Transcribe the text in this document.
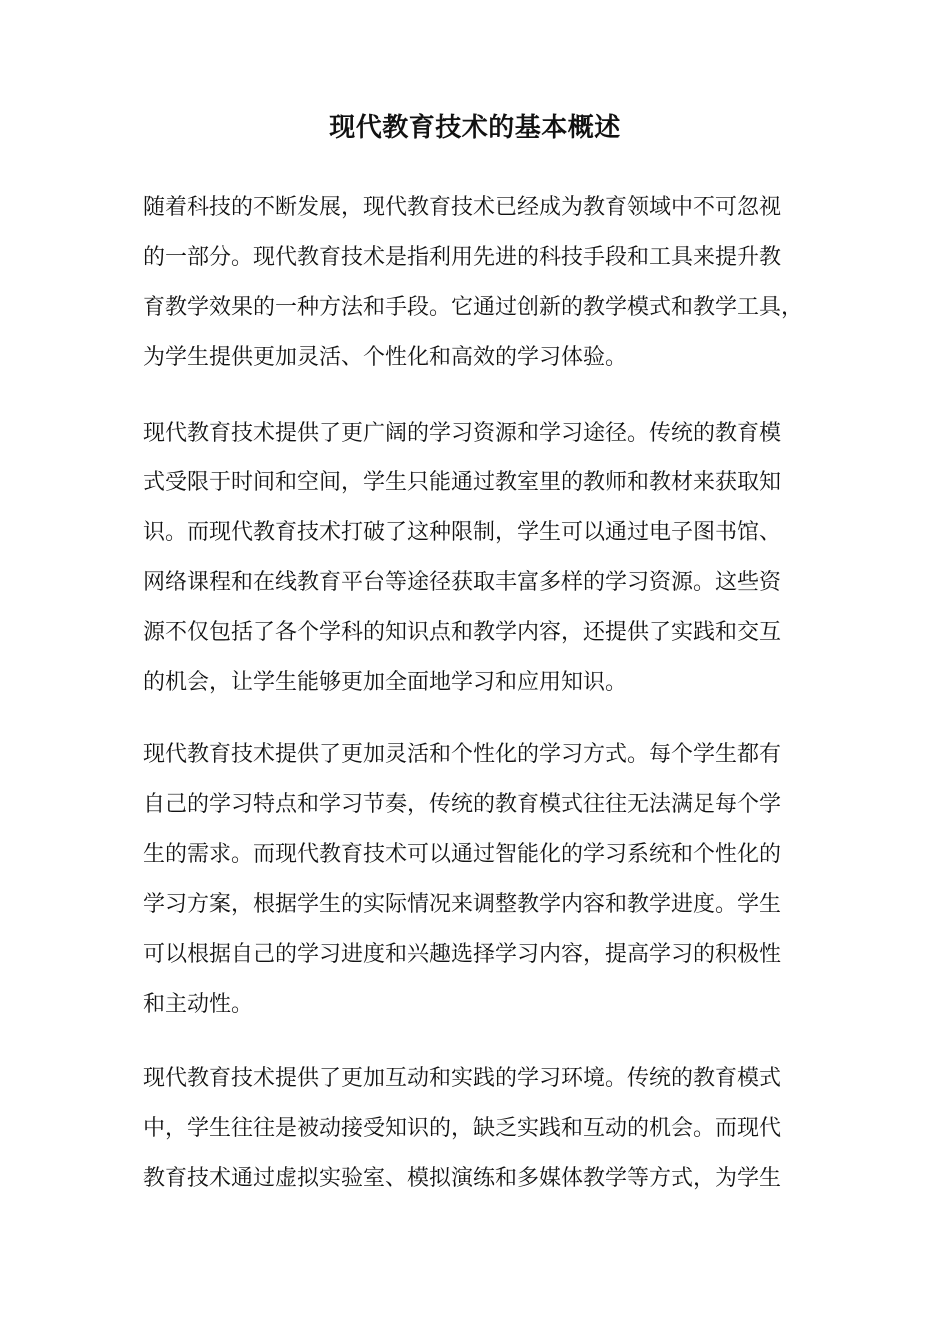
现代教育技术的基本概述

随着科技的不断发展，现代教育技术已经成为教育领域中不可忽视

的一部分。现代教育技术是指利用先进的科技手段和工具来提升教

育教学效果的一种方法和手段。它通过创新的教学模式和教学工具，

为学生提供更加灵活、个性化和高效的学习体验。

现代教育技术提供了更广阔的学习资源和学习途径。传统的教育模

式受限于时间和空间，学生只能通过教室里的教师和教材来获取知

识。而现代教育技术打破了这种限制，学生可以通过电子图书馆、

网络课程和在线教育平台等途径获取丰富多样的学习资源。这些资

源不仅包括了各个学科的知识点和教学内容，还提供了实践和交互

的机会，让学生能够更加全面地学习和应用知识。

现代教育技术提供了更加灵活和个性化的学习方式。每个学生都有

自己的学习特点和学习节奏，传统的教育模式往往无法满足每个学

生的需求。而现代教育技术可以通过智能化的学习系统和个性化的

学习方案，根据学生的实际情况来调整教学内容和教学进度。学生

可以根据自己的学习进度和兴趣选择学习内容，提高学习的积极性

和主动性。

现代教育技术提供了更加互动和实践的学习环境。传统的教育模式

中，学生往往是被动接受知识的，缺乏实践和互动的机会。而现代

教育技术通过虚拟实验室、模拟演练和多媒体教学等方式，为学生
